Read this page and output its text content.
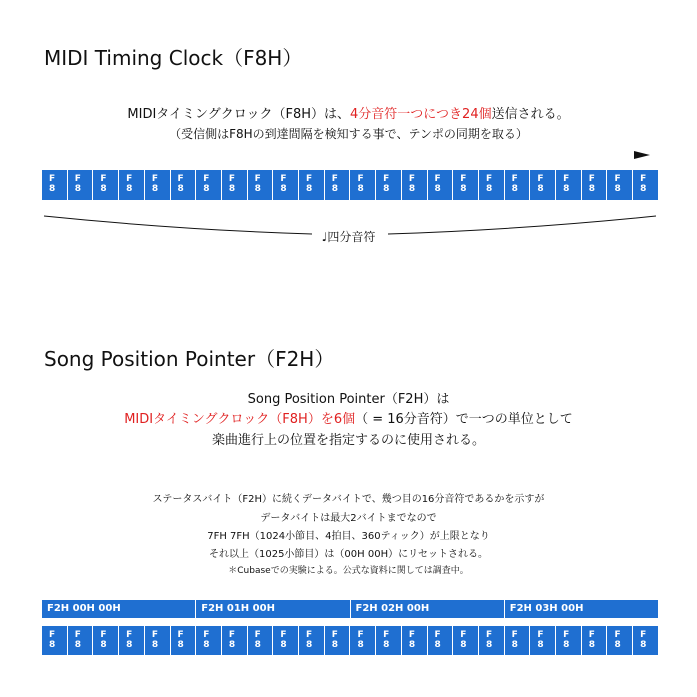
MIDI Timing Clock（F8H）
MIDIタイミングクロック（F8H）は、4分音符一つにつき24個送信される。
（受信側はF8Hの到達間隔を検知する事で、テンポの同期を取る）
F
8
F
8
F
8
F
8
F
8
F
8
F
8
F
8
F
8
F
8
F
8
F
8
F
8
F
8
F
8
F
8
F
8
F
8
F
8
F
8
F
8
F
8
F
8
F
8
♩四分音符
Song Position Pointer（F2H）
Song Position Pointer（F2H）は
MIDIタイミングクロック（F8H）を6個（ = 16分音符）で一つの単位として
楽曲進行上の位置を指定するのに使用される。
ステータスバイト（F2H）に続くデータバイトで、幾つ目の16分音符であるかを示すが
データバイトは最大2バイトまでなので
7FH 7FH（1024小節目、4拍目、360ティック）が上限となり
それ以上（1025小節目）は（00H 00H）にリセットされる。
＊Cubaseでの実験による。公式な資料に関しては調査中。
F2H 00H 00H	F2H 01H 00H	F2H 02H 00H	F2H 03H 00H
F
8
F
8
F
8
F
8
F
8
F
8
F
8
F
8
F
8
F
8
F
8
F
8
F
8
F
8
F
8
F
8
F
8
F
8
F
8
F
8
F
8
F
8
F
8
F
8
